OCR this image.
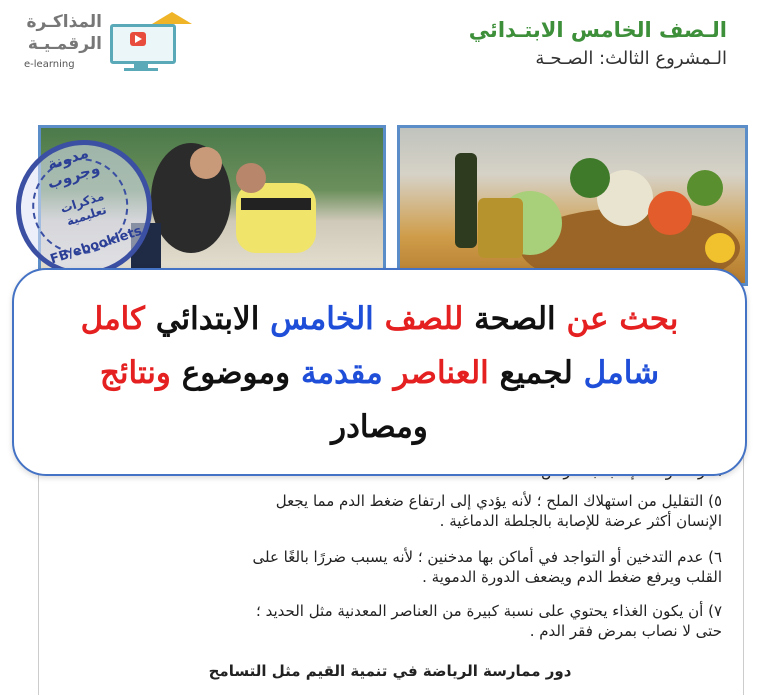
الـصف الخامس الابتـدائي
الـمشروع الثالث: الصـحـة
المذاكـرة
الرقمـيـة
e-learning
مدونة وجروب
مذكرات تعليمية
FB/ebooklets
٥) التقليل من استهلاك الملح ؛ لأنه يؤدي إلى ارتفاع ضغط الدم مما يجعل
الإنسان أكثر عرضة للإصابة بالجلطة الدماغية .
٦) عدم التدخين أو التواجد في أماكن بها مدخنين ؛ لأنه يسبب ضررًا بالغًا على
القلب ويرفع ضغط الدم ويضعف الدورة الدموية .
٧) أن يكون الغذاء يحتوي على نسبة كبيرة من العناصر المعدنية مثل الحديد ؛
حتى لا نصاب بمرض فقر الدم .
دور ممارسة الرياضة في تنمية القيم مثل التسامح
بحث عن الصحة للصف الخامس الابتدائي كامل
شامل لجميع العناصر مقدمة وموضوع ونتائج
ومصادر
